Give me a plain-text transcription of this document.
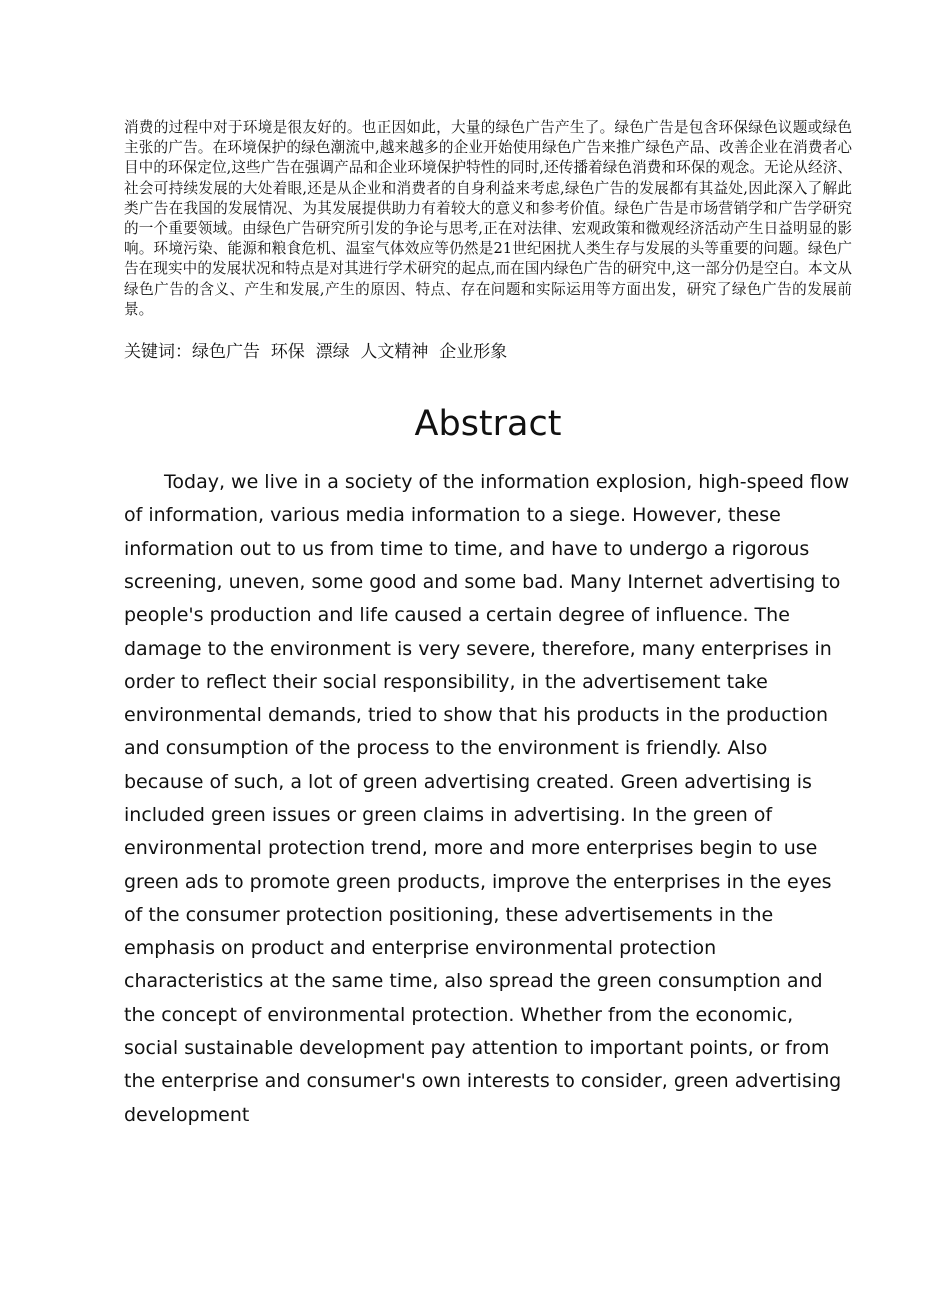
消费的过程中对于环境是很友好的。也正因如此，大量的绿色广告产生了。绿色广告是包含环保绿色议题或绿色主张的广告。在环境保护的绿色潮流中,越来越多的企业开始使用绿色广告来推广绿色产品、改善企业在消费者心目中的环保定位,这些广告在强调产品和企业环境保护特性的同时,还传播着绿色消费和环保的观念。无论从经济、社会可持续发展的大处着眼,还是从企业和消费者的自身利益来考虑,绿色广告的发展都有其益处,因此深入了解此类广告在我国的发展情况、为其发展提供助力有着较大的意义和参考价值。绿色广告是市场营销学和广告学研究的一个重要领域。由绿色广告研究所引发的争论与思考,正在对法律、宏观政策和微观经济活动产生日益明显的影响。环境污染、能源和粮食危机、温室气体效应等仍然是21世纪困扰人类生存与发展的头等重要的问题。绿色广告在现实中的发展状况和特点是对其进行学术研究的起点,而在国内绿色广告的研究中,这一部分仍是空白。本文从绿色广告的含义、产生和发展,产生的原因、特点、存在问题和实际运用等方面出发，研究了绿色广告的发展前景。

关键词：绿色广告  环保  漂绿  人文精神  企业形象

Abstract

Today, we live in a society of the information explosion, high-speed flow of information, various media information to a siege. However, these information out to us from time to time, and have to undergo a rigorous screening, uneven, some good and some bad. Many Internet advertising to people's production and life caused a certain degree of influence. The damage to the environment is very severe, therefore, many enterprises in order to reflect their social responsibility, in the advertisement take environmental demands, tried to show that his products in the production and consumption of the process to the environment is friendly. Also because of such, a lot of green advertising created. Green advertising is included green issues or green claims in advertising. In the green of environmental protection trend, more and more enterprises begin to use green ads to promote green products, improve the enterprises in the eyes of the consumer protection positioning, these advertisements in the emphasis on product and enterprise environmental protection characteristics at the same time, also spread the green consumption and the concept of environmental protection. Whether from the economic, social sustainable development pay attention to important points, or from the enterprise and consumer's own interests to consider, green advertising development
